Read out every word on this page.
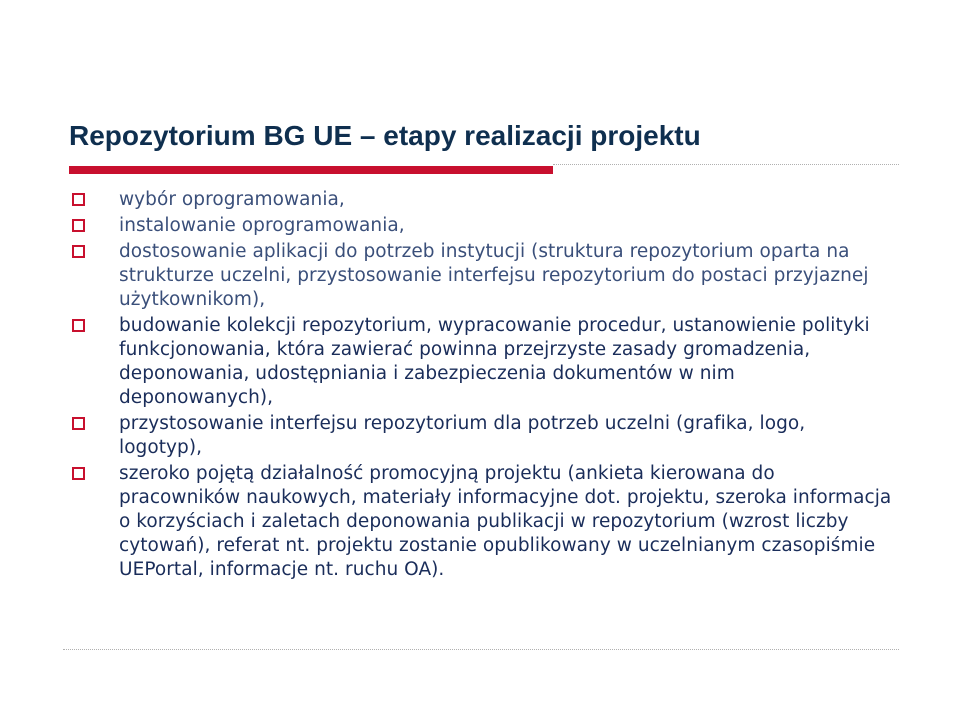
Repozytorium BG UE – etapy realizacji projektu
wybór oprogramowania,
instalowanie oprogramowania,
dostosowanie aplikacji do potrzeb instytucji (struktura repozytorium oparta na strukturze uczelni, przystosowanie interfejsu repozytorium do postaci przyjaznej użytkownikom),
budowanie kolekcji repozytorium, wypracowanie procedur, ustanowienie polityki funkcjonowania, która zawierać powinna przejrzyste zasady gromadzenia, deponowania, udostępniania i zabezpieczenia dokumentów w nim deponowanych),
przystosowanie interfejsu repozytorium dla potrzeb uczelni (grafika, logo, logotyp),
szeroko pojętą działalność promocyjną projektu (ankieta kierowana do pracowników naukowych, materiały informacyjne dot. projektu, szeroka informacja o korzyściach i zaletach deponowania publikacji w repozytorium (wzrost liczby cytowań), referat nt. projektu zostanie opublikowany w uczelnianym czasopiśmie UEPortal, informacje nt. ruchu OA).
